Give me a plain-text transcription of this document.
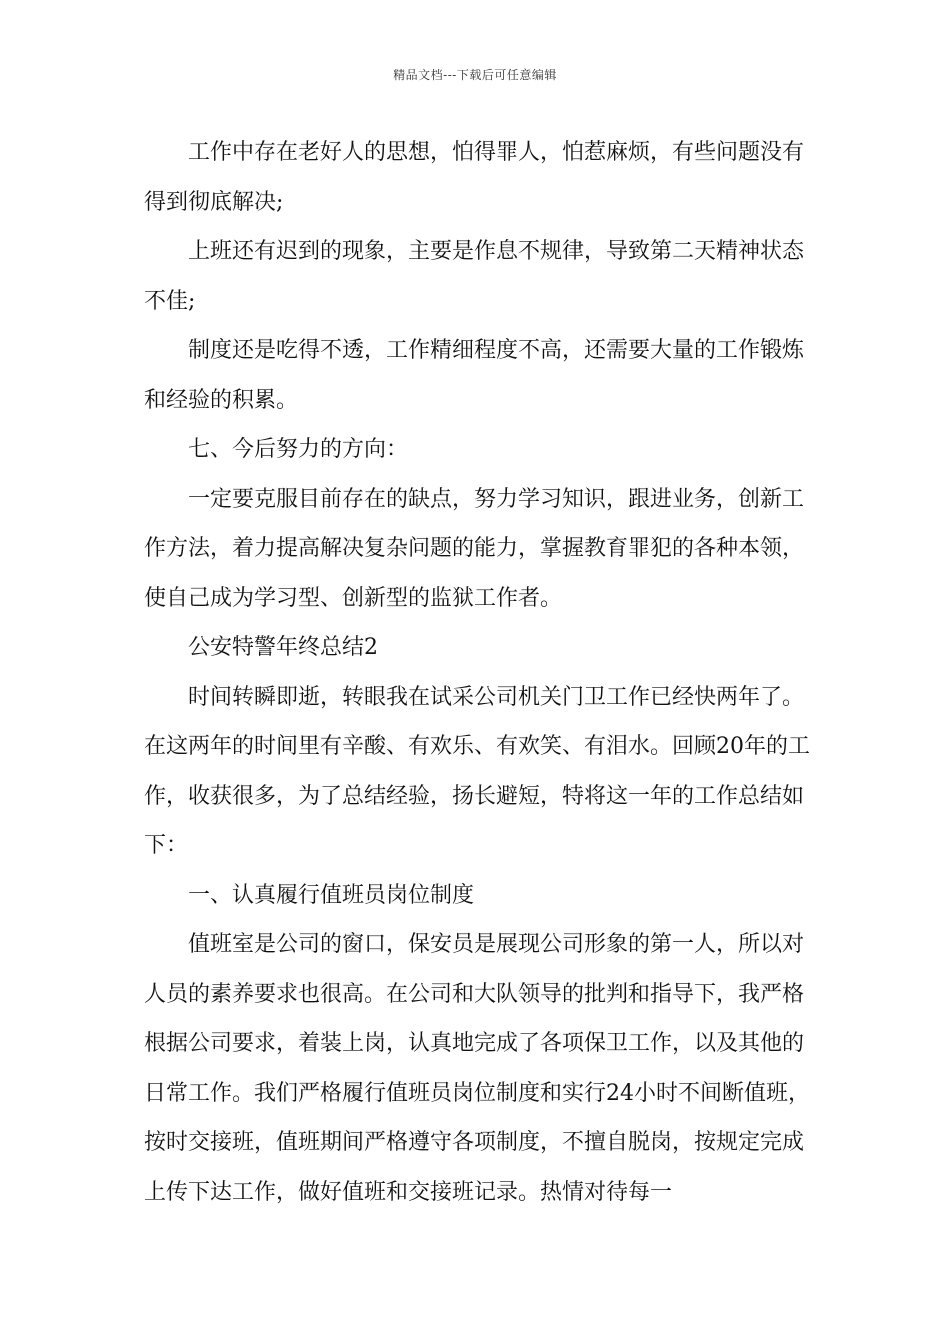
精品文档---下载后可任意编辑

工作中存在老好人的思想，怕得罪人，怕惹麻烦，有些问题没有得到彻底解决;

上班还有迟到的现象，主要是作息不规律，导致第二天精神状态不佳;

制度还是吃得不透，工作精细程度不高，还需要大量的工作锻炼和经验的积累。

七、今后努力的方向：

一定要克服目前存在的缺点，努力学习知识，跟进业务，创新工作方法，着力提高解决复杂问题的能力，掌握教育罪犯的各种本领，使自己成为学习型、创新型的监狱工作者。

公安特警年终总结2

时间转瞬即逝，转眼我在试采公司机关门卫工作已经快两年了。在这两年的时间里有辛酸、有欢乐、有欢笑、有泪水。回顾20年的工作，收获很多，为了总结经验，扬长避短，特将这一年的工作总结如下：

一、认真履行值班员岗位制度

值班室是公司的窗口，保安员是展现公司形象的第一人，所以对人员的素养要求也很高。在公司和大队领导的批判和指导下，我严格根据公司要求，着装上岗，认真地完成了各项保卫工作，以及其他的日常工作。我们严格履行值班员岗位制度和实行24小时不间断值班，按时交接班，值班期间严格遵守各项制度，不擅自脱岗，按规定完成上传下达工作，做好值班和交接班记录。热情对待每一
